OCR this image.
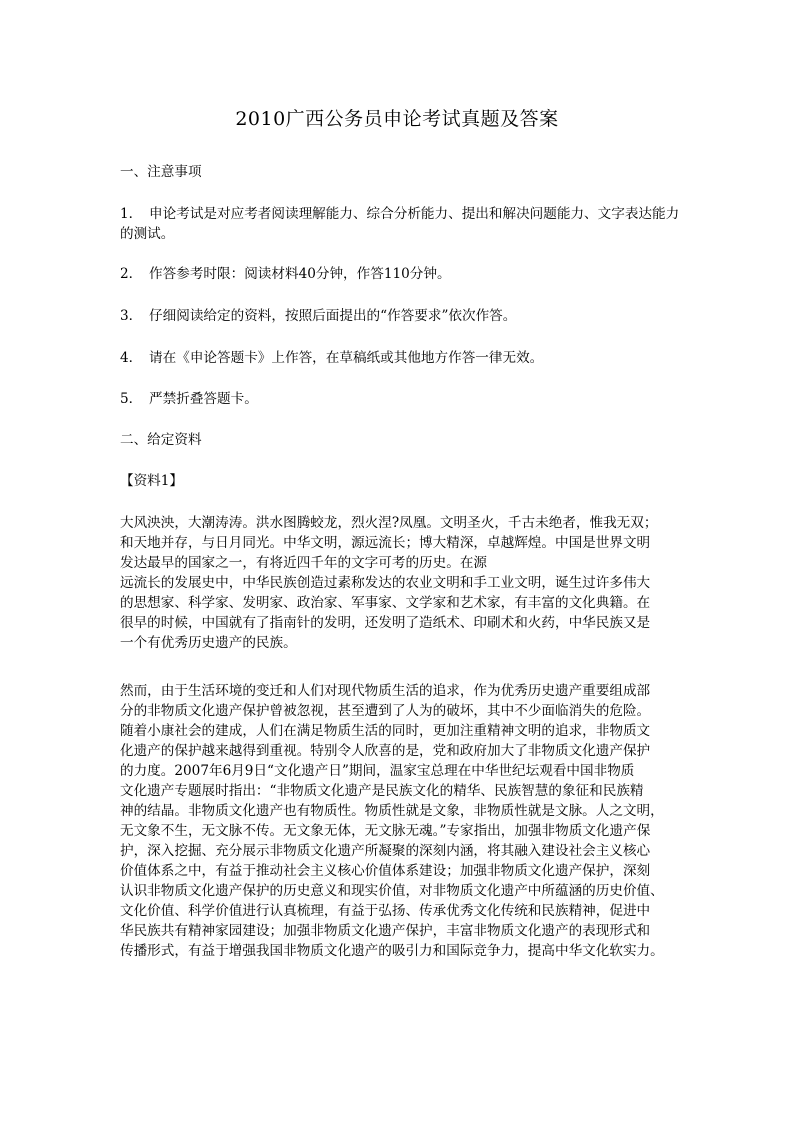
2010广西公务员申论考试真题及答案
一、注意事项
1．　申论考试是对应考者阅读理解能力、综合分析能力、提出和解决问题能力、文字表达能力的测试。
2．　作答参考时限：阅读材料40分钟，作答110分钟。
3．　仔细阅读给定的资料，按照后面提出的“作答要求”依次作答。
4．　请在《申论答题卡》上作答，在草稿纸或其他地方作答一律无效。
5．　严禁折叠答题卡。
二、给定资料
【资料1】
大风泱泱，大潮涛涛。洪水图腾蛟龙，烈火涅?凤凰。文明圣火，千古未绝者，惟我无双；
和天地并存，与日月同光。中华文明，源远流长；博大精深，卓越辉煌。中国是世界文明
发达最早的国家之一，有将近四千年的文字可考的历史。在源
远流长的发展史中，中华民族创造过素称发达的农业文明和手工业文明，诞生过许多伟大
的思想家、科学家、发明家、政治家、军事家、文学家和艺术家，有丰富的文化典籍。在
很早的时候，中国就有了指南针的发明，还发明了造纸术、印刷术和火药，中华民族又是
一个有优秀历史遗产的民族。
然而，由于生活环境的变迁和人们对现代物质生活的追求，作为优秀历史遗产重要组成部
分的非物质文化遗产保护曾被忽视，甚至遭到了人为的破坏，其中不少面临消失的危险。
随着小康社会的建成，人们在满足物质生活的同时，更加注重精神文明的追求，非物质文
化遗产的保护越来越得到重视。特别令人欣喜的是，党和政府加大了非物质文化遗产保护
的力度。2007年6月9日“文化遗产日”期间，温家宝总理在中华世纪坛观看中国非物质
文化遗产专题展时指出：“非物质文化遗产是民族文化的精华、民族智慧的象征和民族精
神的结晶。非物质文化遗产也有物质性。物质性就是文象，非物质性就是文脉。人之文明，
无文象不生，无文脉不传。无文象无体，无文脉无魂。”专家指出，加强非物质文化遗产保
护，深入挖掘、充分展示非物质文化遗产所凝聚的深刻内涵，将其融入建设社会主义核心
价值体系之中，有益于推动社会主义核心价值体系建设；加强非物质文化遗产保护，深刻
认识非物质文化遗产保护的历史意义和现实价值，对非物质文化遗产中所蕴涵的历史价值、
文化价值、科学价值进行认真梳理，有益于弘扬、传承优秀文化传统和民族精神，促进中
华民族共有精神家园建设；加强非物质文化遗产保护，丰富非物质文化遗产的表现形式和
传播形式，有益于增强我国非物质文化遗产的吸引力和国际竞争力，提高中华文化软实力。
